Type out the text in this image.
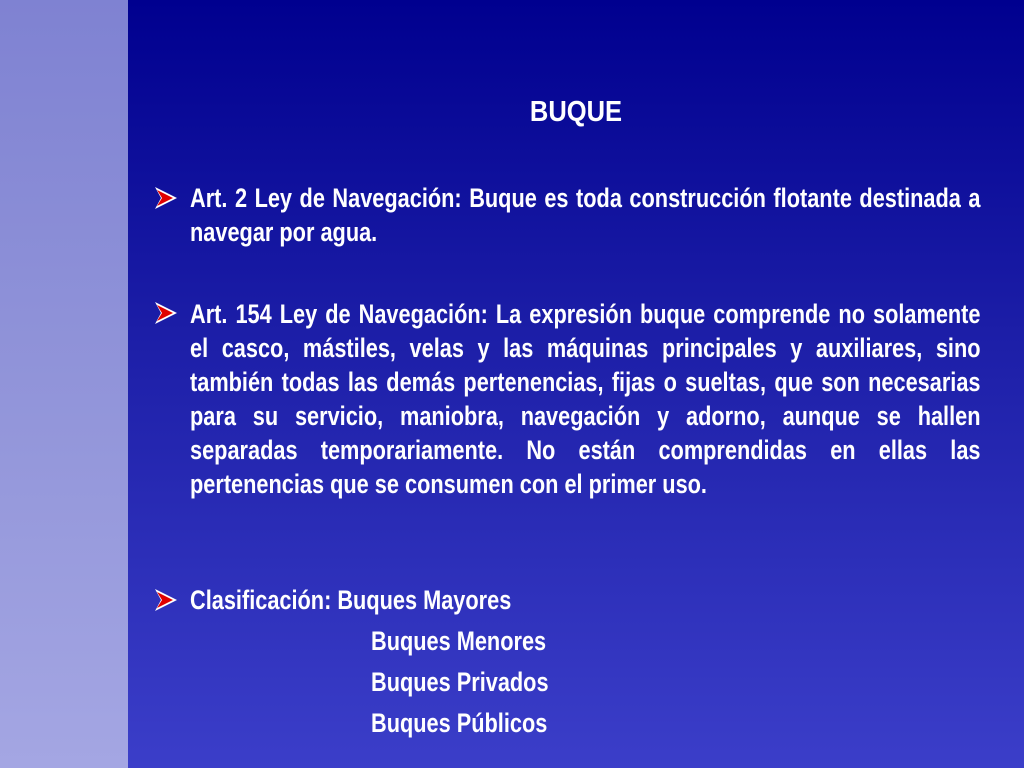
BUQUE
Art. 2 Ley de Navegación: Buque es toda construcción flotante destinada a navegar por agua.
Art. 154 Ley de Navegación: La expresión buque comprende no solamente el casco, mástiles, velas y las máquinas principales y auxiliares, sino también todas las demás pertenencias, fijas o sueltas, que son necesarias para su servicio, maniobra, navegación y adorno, aunque se hallen separadas temporariamente. No están comprendidas en ellas las pertenencias que se consumen con el primer uso.
Clasificación: Buques Mayores
Buques Menores
Buques Privados
Buques Públicos
